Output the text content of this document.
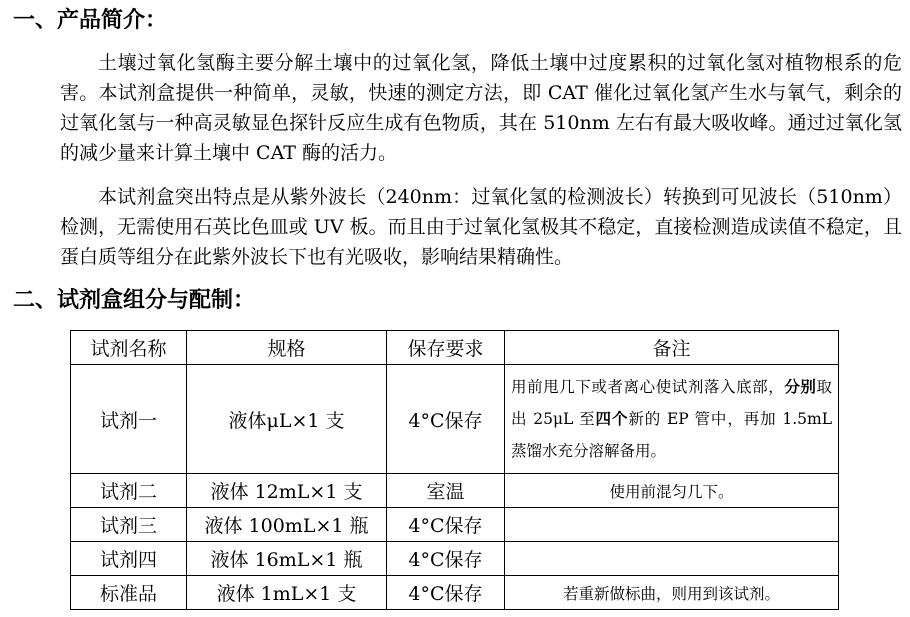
一、产品简介：

土壤过氧化氢酶主要分解土壤中的过氧化氢，降低土壤中过度累积的过氧化氢对植物根系的危害。本试剂盒提供一种简单，灵敏，快速的测定方法，即 CAT 催化过氧化氢产生水与氧气，剩余的过氧化氢与一种高灵敏显色探针反应生成有色物质，其在 510nm 左右有最大吸收峰。通过过氧化氢的减少量来计算土壤中 CAT 酶的活力。

本试剂盒突出特点是从紫外波长（240nm：过氧化氢的检测波长）转换到可见波长（510nm）检测，无需使用石英比色皿或 UV 板。而且由于过氧化氢极其不稳定，直接检测造成读值不稳定，且蛋白质等组分在此紫外波长下也有光吸收，影响结果精确性。

二、试剂盒组分与配制：
试剂名称	规格	保存要求	备注
试剂一	液体μL×1 支	4°C保存	用前甩几下或者离心使试剂落入底部，分别取出 25μL 至四个新的 EP 管中，再加 1.5mL 蒸馏水充分溶解备用。
试剂二	液体 12mL×1 支	室温	使用前混匀几下。
试剂三	液体 100mL×1 瓶	4°C保存	
试剂四	液体 16mL×1 瓶	4°C保存	
标准品	液体 1mL×1 支	4°C保存	若重新做标曲，则用到该试剂。
